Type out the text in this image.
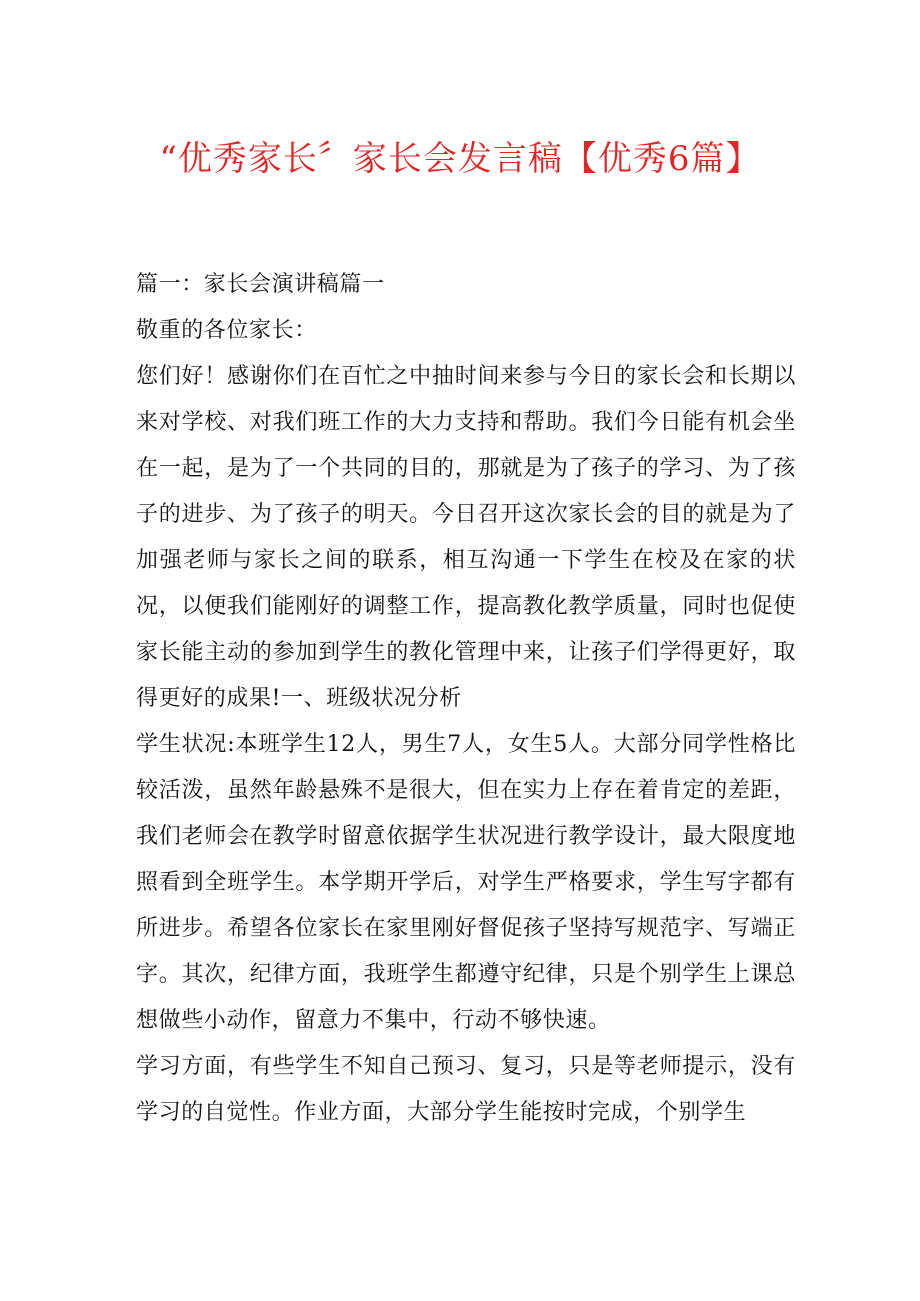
“优秀家长〞家长会发言稿【优秀6篇】

篇一：家长会演讲稿篇一

敬重的各位家长：

您们好！感谢你们在百忙之中抽时间来参与今日的家长会和长期以来对学校、对我们班工作的大力支持和帮助。我们今日能有机会坐在一起，是为了一个共同的目的，那就是为了孩子的学习、为了孩子的进步、为了孩子的明天。今日召开这次家长会的目的就是为了加强老师与家长之间的联系，相互沟通一下学生在校及在家的状况，以便我们能刚好的调整工作，提高教化教学质量，同时也促使家长能主动的参加到学生的教化管理中来，让孩子们学得更好，取得更好的成果!一、班级状况分析

学生状况:本班学生12人，男生7人，女生5人。大部分同学性格比较活泼，虽然年龄悬殊不是很大，但在实力上存在着肯定的差距，我们老师会在教学时留意依据学生状况进行教学设计，最大限度地照看到全班学生。本学期开学后，对学生严格要求，学生写字都有所进步。希望各位家长在家里刚好督促孩子坚持写规范字、写端正字。其次，纪律方面，我班学生都遵守纪律，只是个别学生上课总想做些小动作，留意力不集中，行动不够快速。

学习方面，有些学生不知自己预习、复习，只是等老师提示，没有学习的自觉性。作业方面，大部分学生能按时完成，个别学生
